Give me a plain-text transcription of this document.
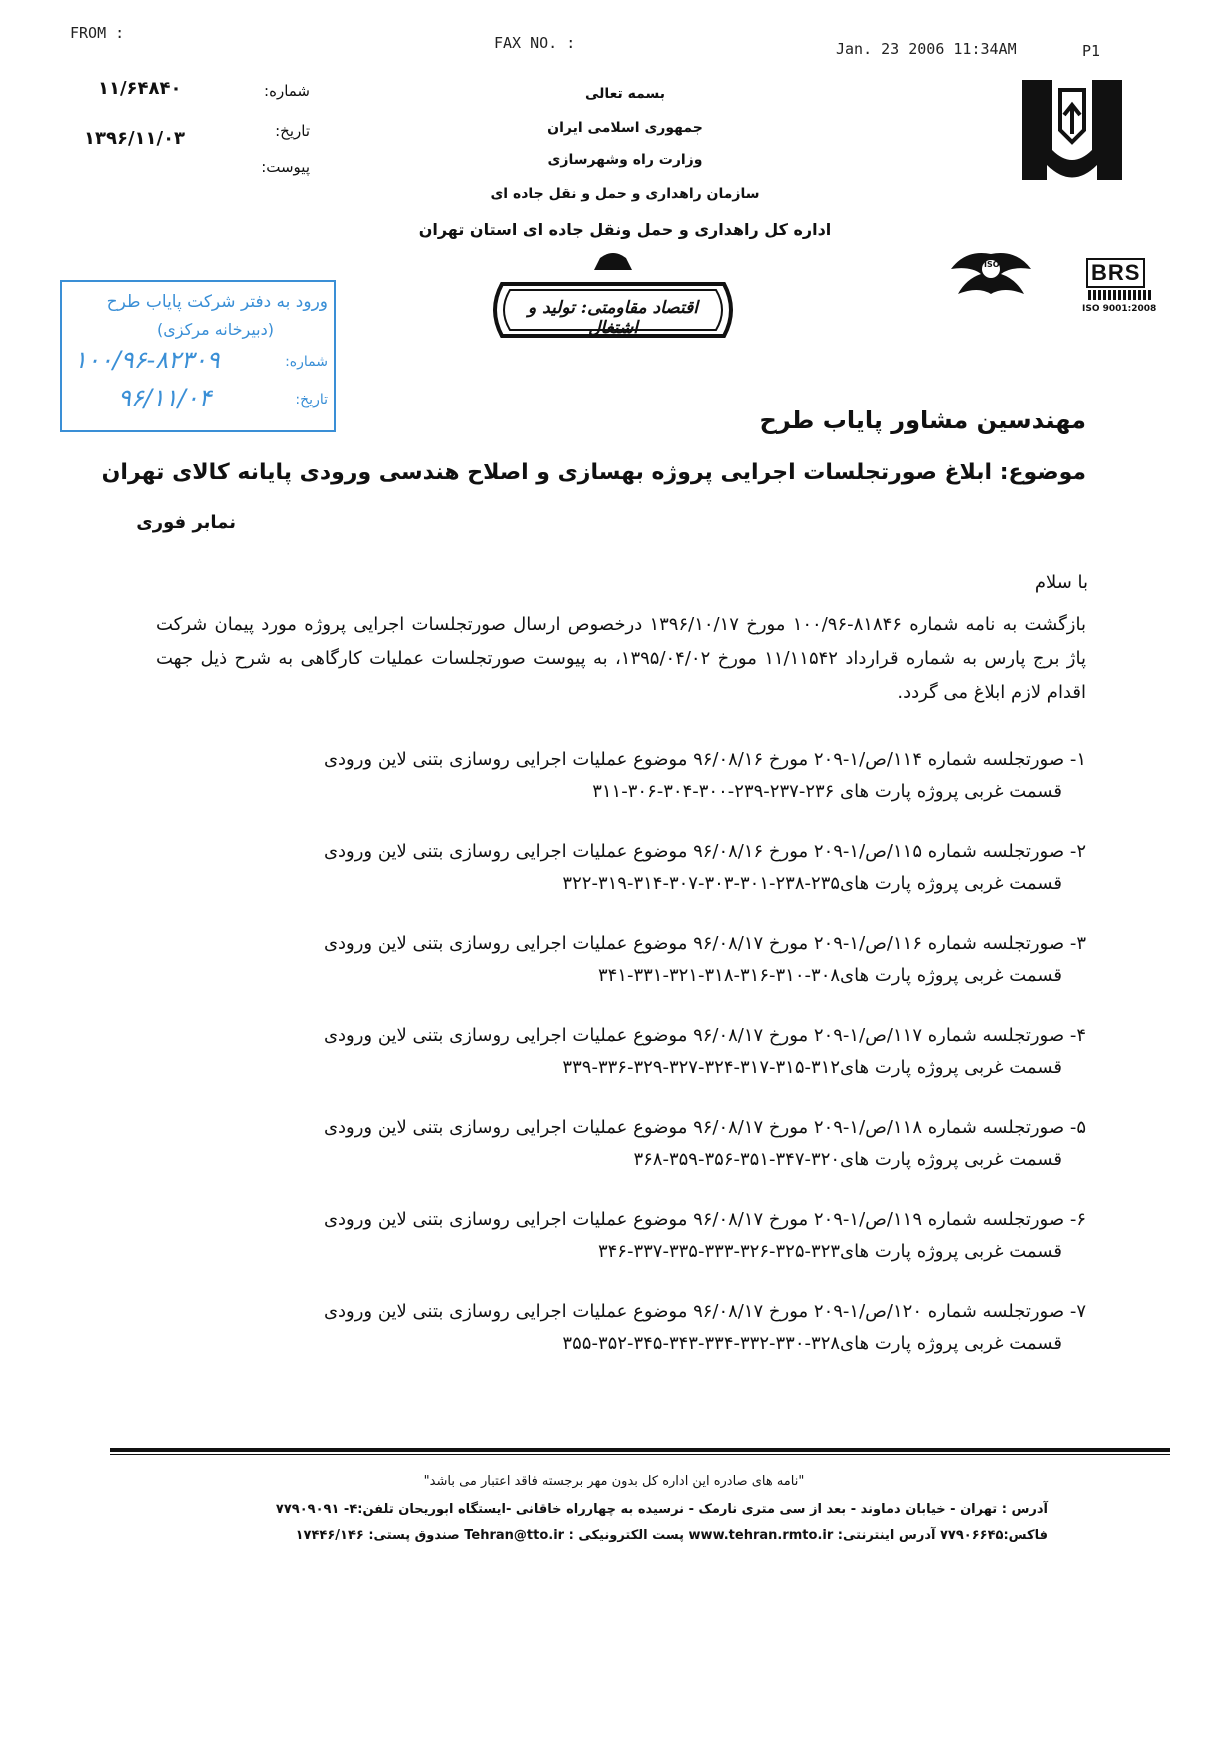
FROM :
FAX NO. :	Jan. 23 2006 11:34AM	P1
۱۱/۶۴۸۴۰	شماره:
۱۳۹۶/۱۱/۰۳	تاریخ:
پیوست:
بسمه تعالی
جمهوری اسلامی ایران
وزارت راه وشهرسازی
سازمان راهداری و حمل و نقل جاده ای
اداره کل راهداری و حمل ونقل جاده ای استان تهران
اقتصاد مقاومتی: تولید و اشتغال
ISO	BRS
ISO 9001:2008
ورود به دفتر شرکت پایاب طرح
(دبیرخانه مرکزی)
شماره:
۱۰۰/۹۶-۸۲۳۰۹
تاریخ:
۹۶/۱۱/۰۴
مهندسین مشاور پایاب طرح
موضوع: ابلاغ صورتجلسات اجرایی پروژه بهسازی و اصلاح هندسی ورودی پایانه کالای تهران
نمابر فوری
با سلام
بازگشت به نامه شماره ۸۱۸۴۶-۱۰۰/۹۶ مورخ ۱۳۹۶/۱۰/۱۷ درخصوص ارسال صورتجلسات اجرایی پروژه مورد پیمان شرکت پاژ برج پارس به شماره قرارداد ۱۱/۱۱۵۴۲ مورخ ۱۳۹۵/۰۴/۰۲، به پیوست صورتجلسات عملیات کارگاهی به شرح ذیل جهت اقدام لازم ابلاغ می گردد.
۱- صورتجلسه شماره ۱۱۴/ص/۱-۲۰۹ مورخ ۹۶/۰۸/۱۶ موضوع عملیات اجرایی روسازی بتنی لاین ورودی
قسمت غربی پروژه پارت های ۲۳۶-۲۳۷-۲۳۹-۳۰۰-۳۰۴-۳۰۶-۳۱۱
۲- صورتجلسه شماره ۱۱۵/ص/۱-۲۰۹ مورخ ۹۶/۰۸/۱۶ موضوع عملیات اجرایی روسازی بتنی لاین ورودی
قسمت غربی پروژه پارت های۲۳۵-۲۳۸-۳۰۱-۳۰۳-۳۰۷-۳۱۴-۳۱۹-۳۲۲
۳- صورتجلسه شماره ۱۱۶/ص/۱-۲۰۹ مورخ ۹۶/۰۸/۱۷ موضوع عملیات اجرایی روسازی بتنی لاین ورودی
قسمت غربی پروژه پارت های۳۰۸-۳۱۰-۳۱۶-۳۱۸-۳۲۱-۳۳۱-۳۴۱
۴- صورتجلسه شماره ۱۱۷/ص/۱-۲۰۹ مورخ ۹۶/۰۸/۱۷ موضوع عملیات اجرایی روسازی بتنی لاین ورودی
قسمت غربی پروژه پارت های۳۱۲-۳۱۵-۳۱۷-۳۲۴-۳۲۷-۳۲۹-۳۳۶-۳۳۹
۵- صورتجلسه شماره ۱۱۸/ص/۱-۲۰۹ مورخ ۹۶/۰۸/۱۷ موضوع عملیات اجرایی روسازی بتنی لاین ورودی
قسمت غربی پروژه پارت های۳۲۰-۳۴۷-۳۵۱-۳۵۶-۳۵۹-۳۶۸
۶- صورتجلسه شماره ۱۱۹/ص/۱-۲۰۹ مورخ ۹۶/۰۸/۱۷ موضوع عملیات اجرایی روسازی بتنی لاین ورودی
قسمت غربی پروژه پارت های۳۲۳-۳۲۵-۳۲۶-۳۳۳-۳۳۵-۳۳۷-۳۴۶
۷- صورتجلسه شماره ۱۲۰/ص/۱-۲۰۹ مورخ ۹۶/۰۸/۱۷ موضوع عملیات اجرایی روسازی بتنی لاین ورودی
قسمت غربی پروژه پارت های۳۲۸-۳۳۰-۳۳۲-۳۳۴-۳۴۳-۳۴۵-۳۵۲-۳۵۵
"نامه های صادره این اداره کل بدون مهر برجسته فاقد اعتبار می باشد"
آدرس : تهران - خیابان دماوند - بعد از سی متری نارمک - نرسیده به چهارراه خاقانی -ایستگاه ابوریحان تلفن:۴- ۷۷۹۰۹۰۹۱
فاکس:۷۷۹۰۶۶۴۵ آدرس اینترنتی: www.tehran.rmto.ir پست الکترونیکی : Tehran@tto.ir صندوق پستی: ۱۷۴۴۶/۱۴۶
